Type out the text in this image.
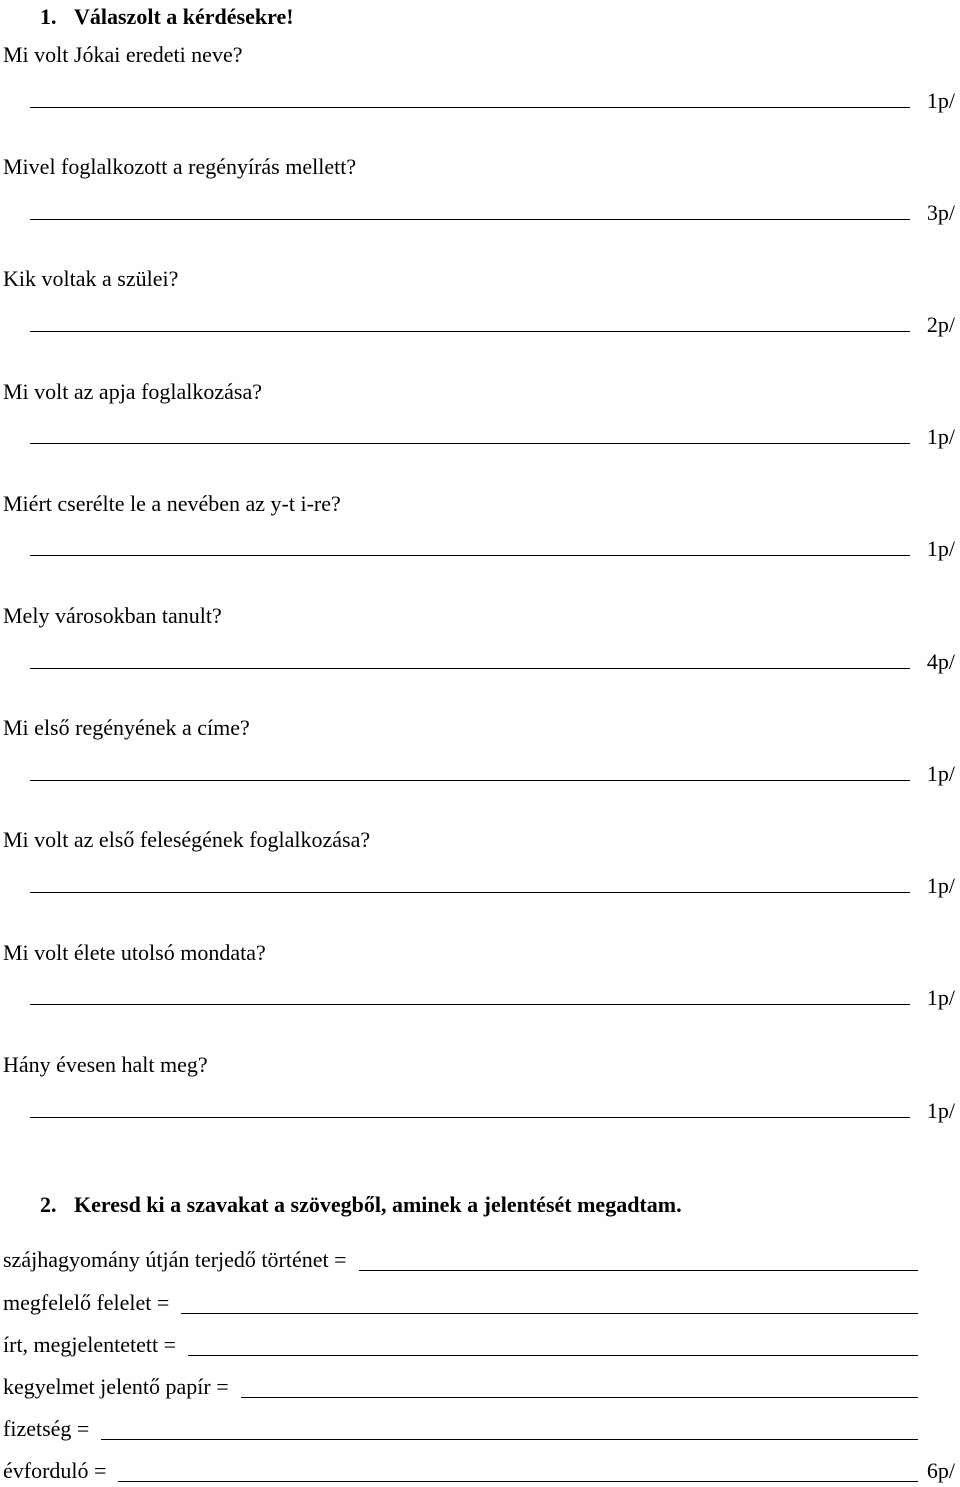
1. Válaszolt a kérdésekre!
Mi volt Jókai eredeti neve?
1p/
Mivel foglalkozott a regényírás mellett?
3p/
Kik voltak a szülei?
2p/
Mi volt az apja foglalkozása?
1p/
Miért cserélte le a nevében az y-t i-re?
1p/
Mely városokban tanult?
4p/
Mi első regényének a címe?
1p/
Mi volt az első feleségének foglalkozása?
1p/
Mi volt élete utolsó mondata?
1p/
Hány évesen halt meg?
1p/
2. Keresd ki a szavakat a szövegből, aminek a jelentését megadtam.
szájhagyomány útján terjedő történet =
megfelelő felelet =
írt, megjelentetett =
kegyelmet jelentő papír =
fizetség =
évforduló =	6p/
